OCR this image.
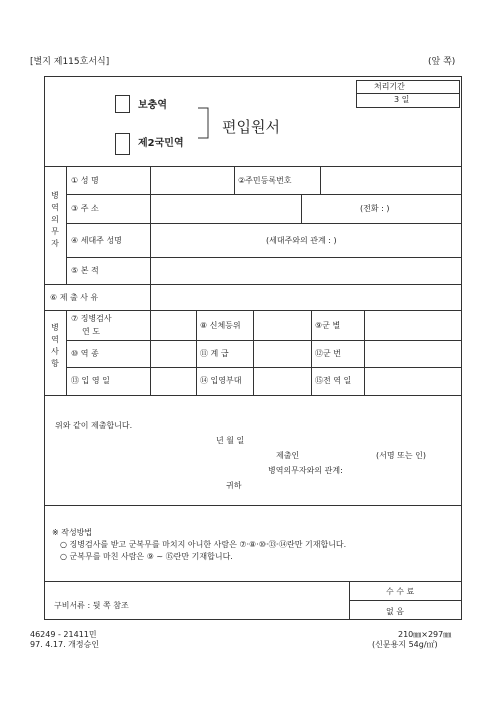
[별지 제115호서식]	(앞 쪽)
처리기간
3 일
보충역
제2국민역
편입원서
병
역
의
무
자
① 성 명	②주민등록번호
③ 주 소	(전화 : )
④ 세대주 성명	(세대주와의 관계 : )
⑤ 본 적
⑥ 제 출 사 유
병
역
사
항
⑦ 징병검사
연 도
⑧ 신체등위	⑨군 별
⑩ 역 종	⑪ 계 급	⑫군 번
⑬ 입 영 일	⑭ 입영부대	⑮전 역 일
위와 같이 제출합니다.
년 월 일
제출인	(서명 또는 인)
병역의무자와의 관계:
귀하
※ 작성방법
○ 징병검사를 받고 군복무를 마치지 아니한 사람은 ⑦·⑧·⑩·⑬·⑭란만 기재합니다.
○ 군복무를 마친 사람은 ⑨ ~ ⑮란만 기재합니다.
구비서류 : 뒷 쪽 참조
수 수 료
없 음
46249 - 21411민
97. 4.17. 개정승인
210㎜×297㎜
(신문용지 54g/㎡)
